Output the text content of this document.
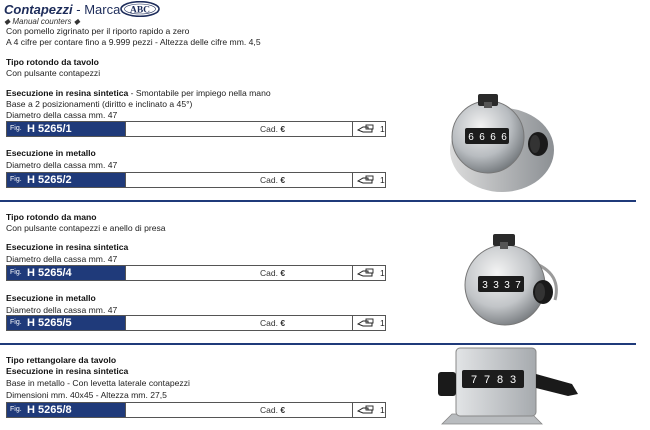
Contapezzi - Marca ABC
◆ Manual counters ◆
Con pomello zigrinato per il riporto rapido a zero
A 4 cifre per contare fino a 9.999 pezzi - Altezza delle cifre mm. 4,5
Tipo rotondo da tavolo
Con pulsante contapezzi
Esecuzione in resina sintetica - Smontabile per impiego nella mano
Base a 2 posizionamenti (diritto e inclinato a 45°)
Diametro della cassa mm. 47
Fig. H 5265/1	Cad. €	1
Esecuzione in metallo
Diametro della cassa mm. 47
Fig. H 5265/2	Cad. €	1
6 6 6 6
Tipo rotondo da mano
Con pulsante contapezzi e anello di presa
Esecuzione in resina sintetica
Diametro della cassa mm. 47
Fig. H 5265/4	Cad. €	1
Esecuzione in metallo
Diametro della cassa mm. 47
Fig. H 5265/5	Cad. €	1
3 3 3 7
Tipo rettangolare da tavolo
Esecuzione in resina sintetica
Base in metallo - Con levetta laterale contapezzi
Dimensioni mm. 40x45 - Altezza mm. 27,5
Fig. H 5265/8	Cad. €	1
7 7 8 3
